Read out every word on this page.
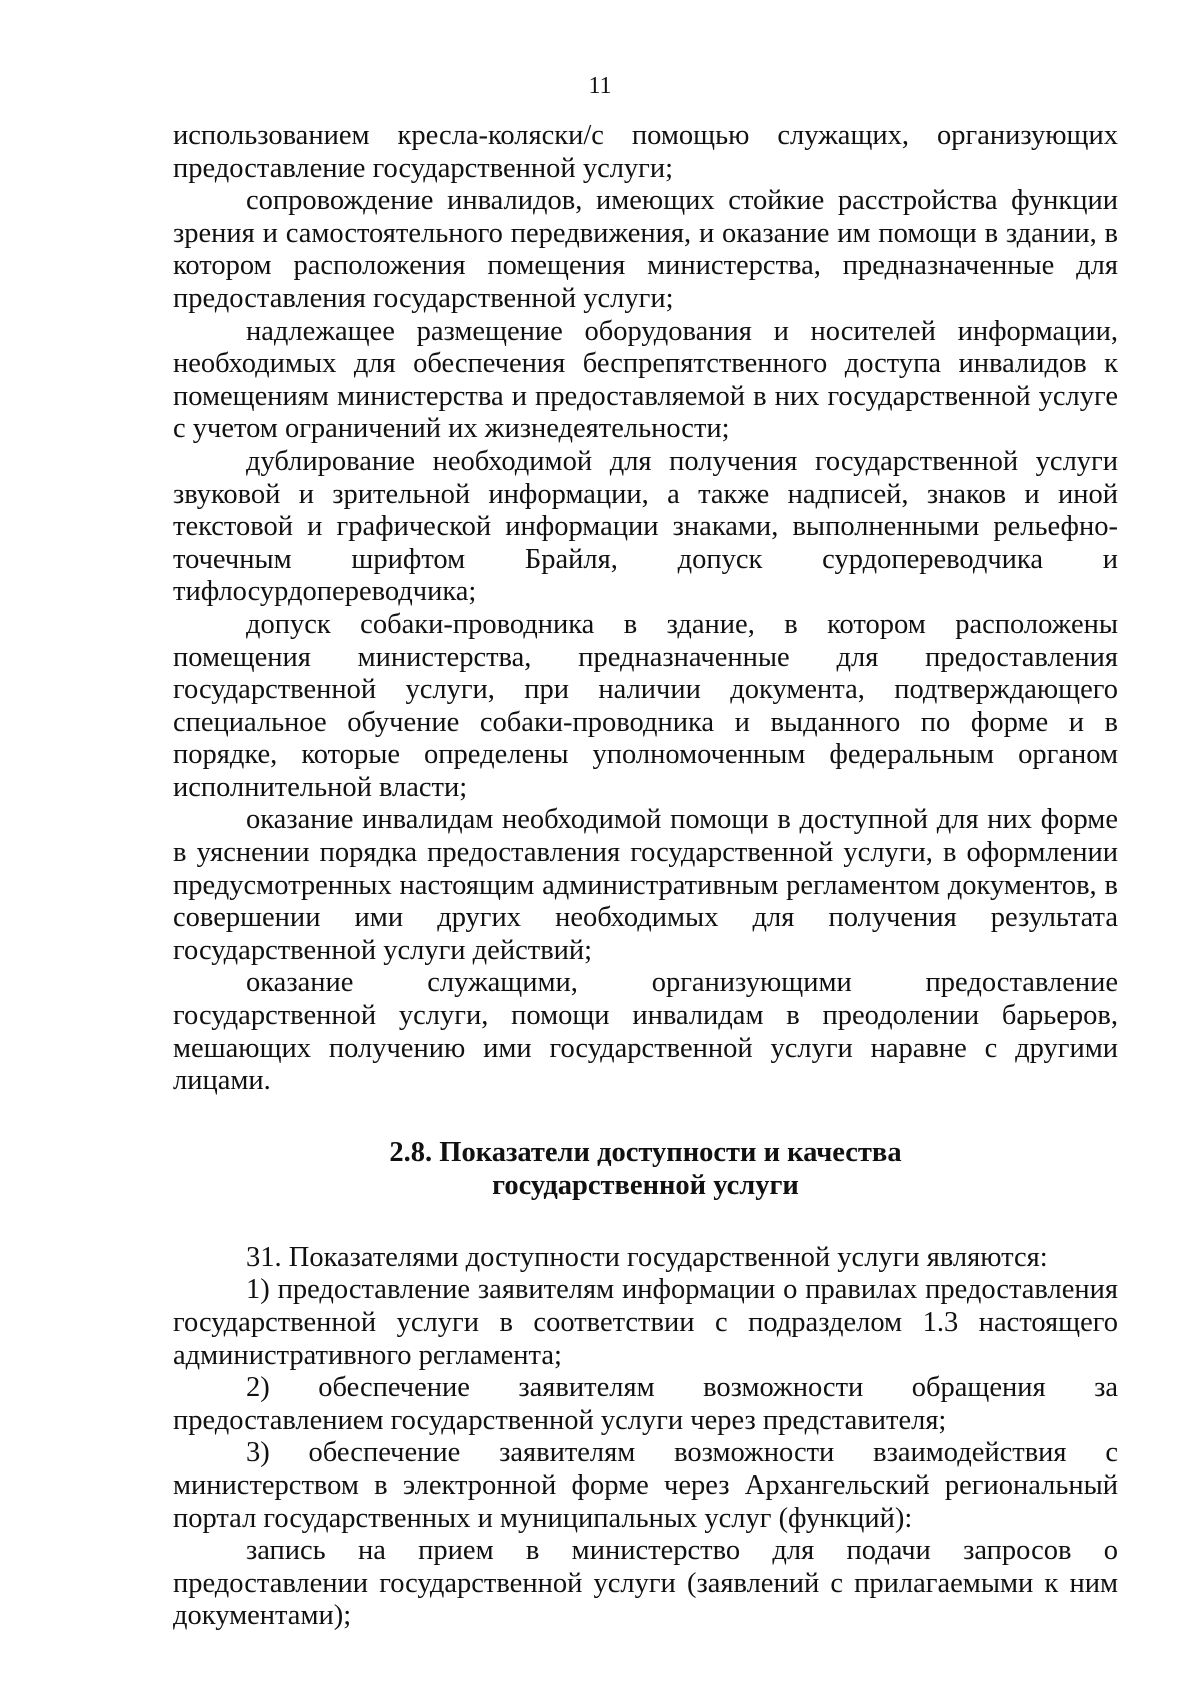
11

использованием кресла-коляски/с помощью служащих, организующих предоставление государственной услуги;

сопровождение инвалидов, имеющих стойкие расстройства функции зрения и самостоятельного передвижения, и оказание им помощи в здании, в котором расположения помещения министерства, предназначенные для предоставления государственной услуги;

надлежащее размещение оборудования и носителей информации, необходимых для обеспечения беспрепятственного доступа инвалидов к помещениям министерства и предоставляемой в них государственной услуге с учетом ограничений их жизнедеятельности;

дублирование необходимой для получения государственной услуги звуковой и зрительной информации, а также надписей, знаков и иной текстовой и графической информации знаками, выполненными рельефно-точечным шрифтом Брайля, допуск сурдопереводчика и тифлосурдопереводчика;

допуск собаки-проводника в здание, в котором расположены помещения министерства, предназначенные для предоставления государственной услуги, при наличии документа, подтверждающего специальное обучение собаки-проводника и выданного по форме и в порядке, которые определены уполномоченным федеральным органом исполнительной власти;

оказание инвалидам необходимой помощи в доступной для них форме в уяснении порядка предоставления государственной услуги, в оформлении предусмотренных настоящим административным регламентом документов, в совершении ими других необходимых для получения результата государственной услуги действий;

оказание служащими, организующими предоставление государственной услуги, помощи инвалидам в преодолении барьеров, мешающих получению ими государственной услуги наравне с другими лицами.

2.8. Показатели доступности и качества
государственной услуги

31. Показателями доступности государственной услуги являются:

1) предоставление заявителям информации о правилах предоставления государственной услуги в соответствии с подразделом 1.3 настоящего административного регламента;

2) обеспечение заявителям возможности обращения за предоставлением государственной услуги через представителя;

3) обеспечение заявителям возможности взаимодействия с министерством в электронной форме через Архангельский региональный портал государственных и муниципальных услуг (функций):

запись на прием в министерство для подачи запросов о предоставлении государственной услуги (заявлений с прилагаемыми к ним документами);
